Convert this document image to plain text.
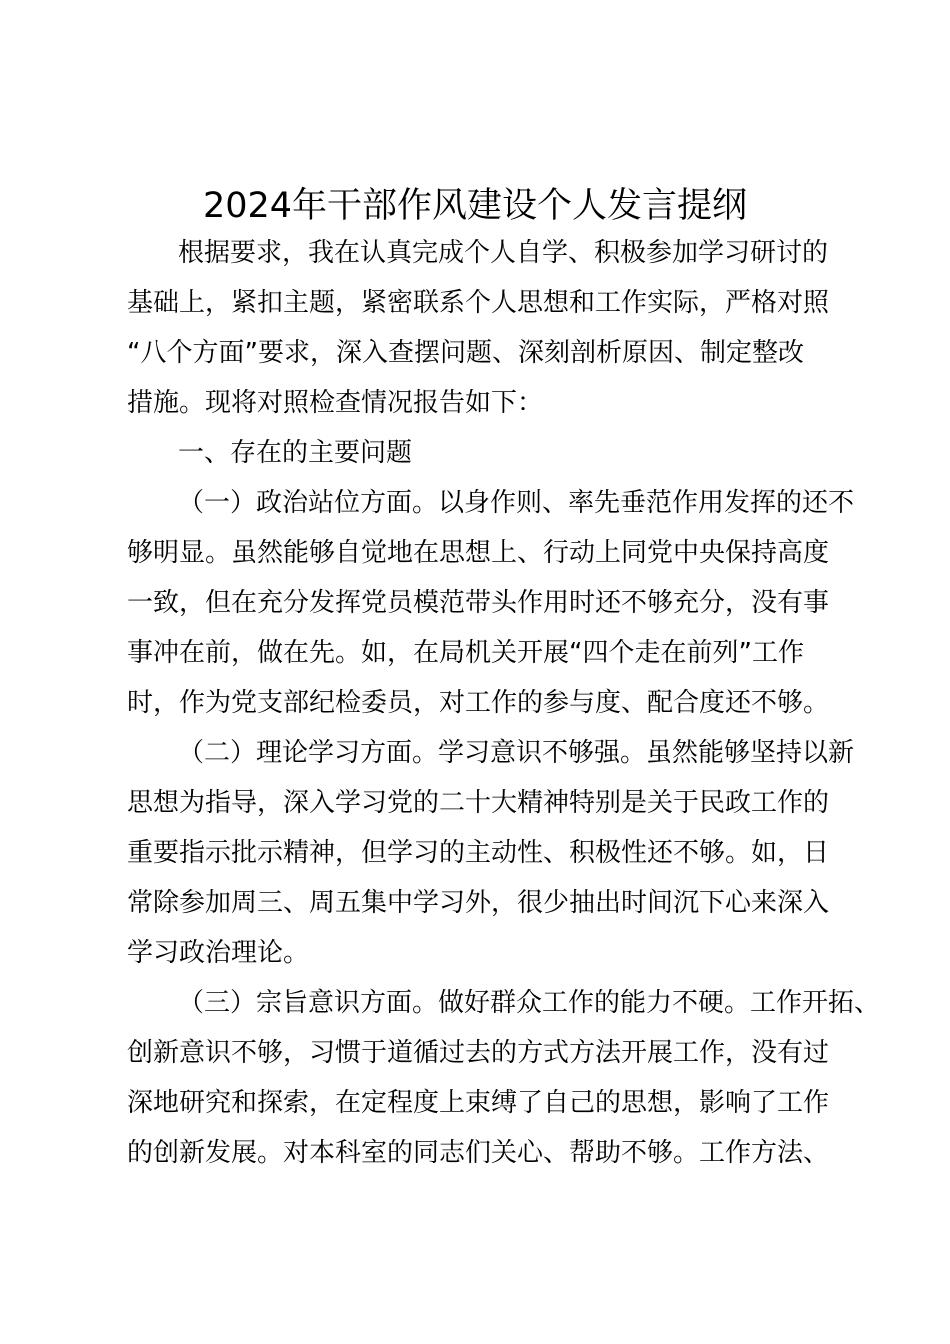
2024年干部作风建设个人发言提纲
根据要求，我在认真完成个人自学、积极参加学习研讨的
基础上，紧扣主题，紧密联系个人思想和工作实际，严格对照
“八个方面”要求，深入查摆问题、深刻剖析原因、制定整改
措施。现将对照检查情况报告如下：
一、存在的主要问题
（一）政治站位方面。以身作则、率先垂范作用发挥的还不
够明显。虽然能够自觉地在思想上、行动上同党中央保持高度
一致，但在充分发挥党员模范带头作用时还不够充分，没有事
事冲在前，做在先。如，在局机关开展“四个走在前列”工作
时，作为党支部纪检委员，对工作的参与度、配合度还不够。
（二）理论学习方面。学习意识不够强。虽然能够坚持以新
思想为指导，深入学习党的二十大精神特别是关于民政工作的
重要指示批示精神，但学习的主动性、积极性还不够。如，日
常除参加周三、周五集中学习外，很少抽出时间沉下心来深入
学习政治理论。
（三）宗旨意识方面。做好群众工作的能力不硬。工作开拓、
创新意识不够，习惯于道循过去的方式方法开展工作，没有过
深地研究和探索，在定程度上束缚了自己的思想，影响了工作
的创新发展。对本科室的同志们关心、帮助不够。工作方法、
